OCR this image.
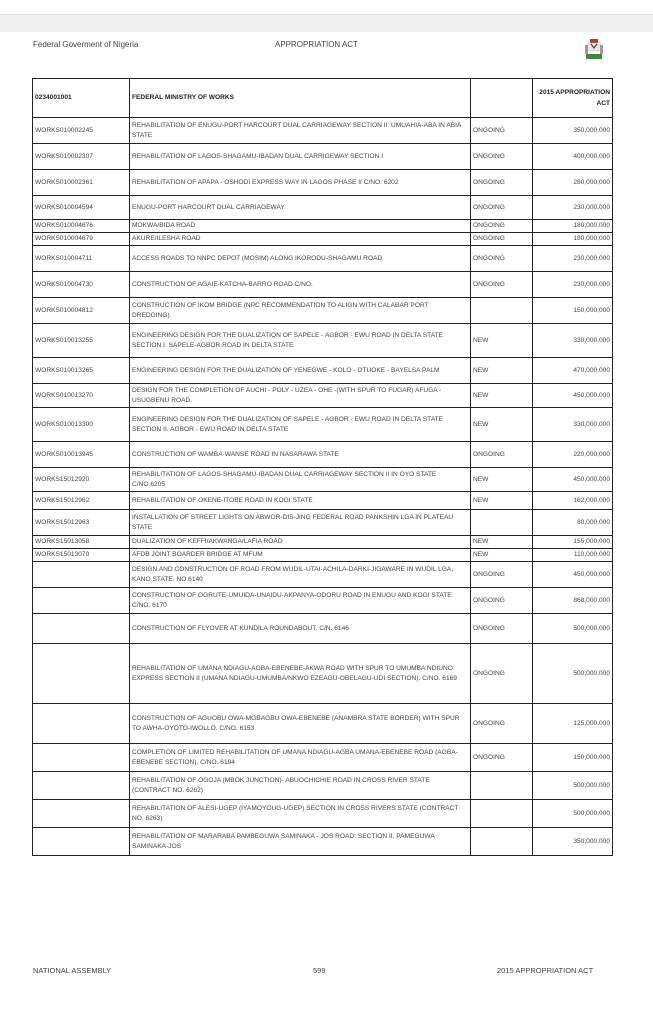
Federal Goverment of Nigeria	APPROPRIATION ACT
0234001001	FEDERAL MINISTRY OF WORKS		2015 APPROPRIATION ACT
WORKS010002245	REHABILITATION OF ENUGU-PORT HARCOURT DUAL CARRIAGEWAY SECTION II: UMUAHIA-ABA IN ABIA STATE	ONGOING	350,000,000
WORKS010002307	REHABILITATION OF LAGOS-SHAGAMU-IBADAN DUAL CARRIGEWAY SECTION I	ONGOING	400,000,000
WORKS010002361	REHABILITATION OF APAPA - OSHODI EXPRESS WAY IN LAGOS PHASE II C/NO. 6202	ONGOING	280,000,000
WORKS010004594	ENUGU-PORT HARCOURT DUAL CARRIAGEWAY	ONGOING	230,000,000
WORKS010004676	MOKWA/BIDA ROAD	ONGOING	180,000,000
WORKS010004679	AKURE/ILESHA ROAD	ONGOING	180,000,000
WORKS010004711	ACCESS ROADS TO NNPC DEPOT (MOSIM) ALONG IKORODU-SHAGAMU ROAD	ONGOING	230,000,000
WORKS010004730	CONSTRUCTION OF AGAIE-KATCHA-BARRO ROAD C/NO.	ONGOING	230,000,000
WORKS010004812	CONSTRUCTION OF IKOM BRIDGE (NPC RECOMMENDATION TO ALIGN WITH CALABAR PORT DREDGING)		150,000,000
WORKS010013255	ENGINEERING DESIGN FOR THE DUALIZATION OF SAPELE - AGBOR - EWU ROAD IN DELTA STATE SECTION I. SAPELE-AGBOR ROAD IN DELTA STATE	NEW	330,000,000
WORKS010013265	ENGINEERING DESIGN FOR THE DUALIZATION OF YENEGWE - KOLO - OTUOKE - BAYELSA PALM	NEW	470,000,000
WORKS010013270	DESIGN FOR THE COMPLETION OF AUCHI - POLY - UZEA - OHE -(WITH SPUR TO FUGAR) AFUGA - USUGBENU ROAD.	NEW	450,000,000
WORKS010013300	ENGINEERING DESIGN FOR THE DUALIZATION OF SAPELE - AGBOR - EWU ROAD IN DELTA STATE SECTION II. AGBOR - EWU ROAD IN DELTA STATE	NEW	330,000,000
WORKS010013945	CONSTRUCTION OF WAMBA-WANSE ROAD IN NASARAWA STATE	ONGOING	220,000,000
WORKS15012920	REHABILITATION OF LAGOS-SHAGAMU-IBADAN DUAL CARRIAGEWAY SECTION II IN OYO STATE C/NO.6205	NEW	450,000,000
WORKS15012962	REHABILITATION OF OKENE-ITOBE ROAD IN KOGI STATE	NEW	162,000,000
WORKS15012963	INSTALLATION OF STREET LIGHTS ON ABWOR-DIS-JING FEDERAL ROAD PANKSHIN LGA IN PLATEAU STATE		80,000,000
WORKS15013058	DUALIZATION OF KEFFI/AKWANGA/LAFIA ROAD	NEW	155,000,000
WORKS15013070	AFDB JOINT BOARDER BRIDGE AT MFUM	NEW	110,000,000
	DESIGN AND CONSTRUCTION OF ROAD FROM WUDIL-UTAI-ACHILA-DARKI-JIGAWARE IN WUDIL LGA, KANO STATE. NO.6140	ONGOING	450,000,000
	CONSTRUCTION OF OGRUTE-UMUIDA-UNAIDU-AKPANYA-ODORU ROAD IN ENUGU AND KOGI STATE C/NO. 6170	ONGOING	868,000,000
	CONSTRUCTION OF FLYOVER AT KUNDILA ROUNDABOUT. C/N. 6146	ONGOING	500,000,000
	REHABILITATION OF UMANA NDIAGU-AGBA-EBENEBE-AKWA ROAD WITH SPUR TO UMUMBA NDIUNO EXPRESS SECTION II (UMANA NDIAGU-UMUMBA/NKWO EZEAGU-OBELAGU-UDI SECTION). C/NO. 6169	ONGOING	500,000,000
	CONSTRUCTION OF AGUOBU OWA-MGBAGBU OWA-EBENEBE (ANAMBRA STATE BORDER) WITH SPUR TO AWHA-OYOTO-IWOLLO. C/NO. 6153	ONGOING	125,000,000
	COMPLETION OF LIMITED REHABILITATION OF UMANA NDIAGU-AGBA UMANA-EBENEBE ROAD (AGBA-EBENEBE SECTION). C/NO. 6194	ONGOING	150,000,000
	REHABILITATION OF OGOJA (MBOK JUNCTION)- ABUOCHICHIE ROAD IN CROSS RIVER STATE (CONTRACT NO. 6262)		500,000,000
	REHABILITATION OF ALESI-UGEP (IYAMOYOUG-UGEP) SECTION IN CROSS RIVERS STATE (CONTRACT NO. 6263)		500,000,000
	REHABILITATION OF MARARABA PAMBEGUWA SAMINAKA - JOS ROAD: SECTION II, PAMEGUWA SAMINAKA-JOS		350,000,000
NATIONAL ASSEMBLY	599	2015 APPROPRIATION ACT
